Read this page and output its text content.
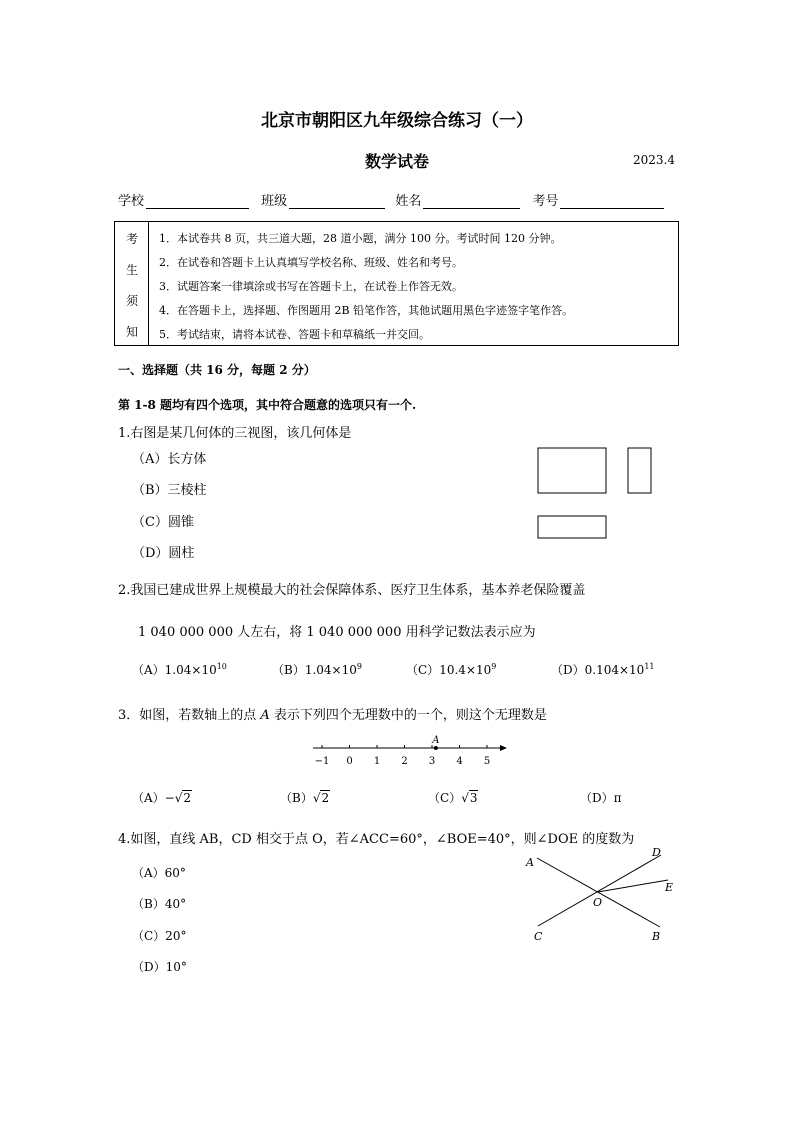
北京市朝阳区九年级综合练习（一）
数学试卷	2023.4
学校	班级	姓名	考号
考
生
须
知
1．本试卷共 8 页，共三道大题，28 道小题，满分 100 分。考试时间 120 分钟。
2．在试卷和答题卡上认真填写学校名称、班级、姓名和考号。
3．试题答案一律填涂或书写在答题卡上，在试卷上作答无效。
4．在答题卡上，选择题、作图题用 2B 铅笔作答，其他试题用黑色字迹签字笔作答。
5．考试结束，请将本试卷、答题卡和草稿纸一并交回。
一、选择题（共 16 分，每题 2 分）
第 1-8 题均有四个选项，其中符合题意的选项只有一个.
1.右图是某几何体的三视图，该几何体是
（A）长方体
（B）三棱柱
（C）圆锥
（D）圆柱
2.我国已建成世界上规模最大的社会保障体系、医疗卫生体系，基本养老保险覆盖
1 040 000 000 人左右，将 1 040 000 000 用科学记数法表示应为
$(A)1.04\times 10^{10}$	$(B)1.04\times 10^9$	$(C)10.4\times 10^9$	$(D)0.104\times 10^{11}$
3．如图，若数轴上的点 A 表示下列四个无理数中的一个，则这个无理数是
−1 0 1 2 3 4 5
A
（A）−√2	（B）√2	（C）√3	（D）π
4.如图，直线 AB，CD 相交于点 O，若∠ACC=60°，∠BOE=40°，则∠DOE 的度数为
（A）60°
（B）40°
（C）20°
（D）10°
A
B
C
D
E
O
